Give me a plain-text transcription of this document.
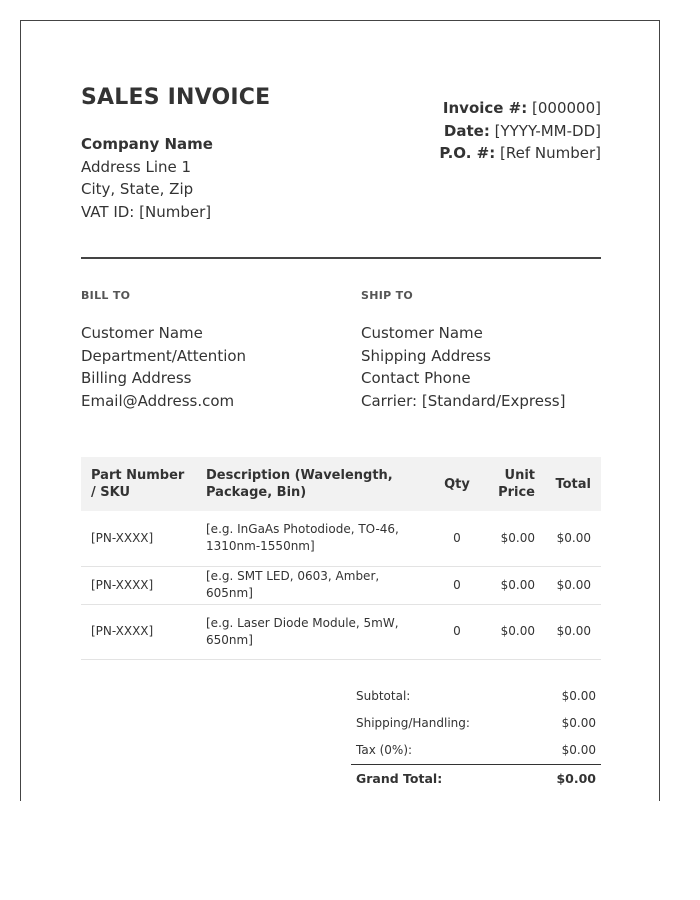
SALES INVOICE
Company Name
Address Line 1
City, State, Zip
VAT ID: [Number]
Invoice #: [000000]
Date: [YYYY-MM-DD]
P.O. #: [Ref Number]
BILL TO
Customer Name
Department/Attention
Billing Address
Email@Address.com
SHIP TO
Customer Name
Shipping Address
Contact Phone
Carrier: [Standard/Express]
Part Number / SKU	Description (Wavelength, Package, Bin)	Qty	Unit Price	Total
[PN-XXXX]	[e.g. InGaAs Photodiode, TO-46, 1310nm-1550nm]	0	$0.00	$0.00
[PN-XXXX]	[e.g. SMT LED, 0603, Amber, 605nm]	0	$0.00	$0.00
[PN-XXXX]	[e.g. Laser Diode Module, 5mW, 650nm]	0	$0.00	$0.00
Subtotal:	$0.00
Shipping/Handling:	$0.00
Tax (0%):	$0.00
Grand Total:	$0.00
